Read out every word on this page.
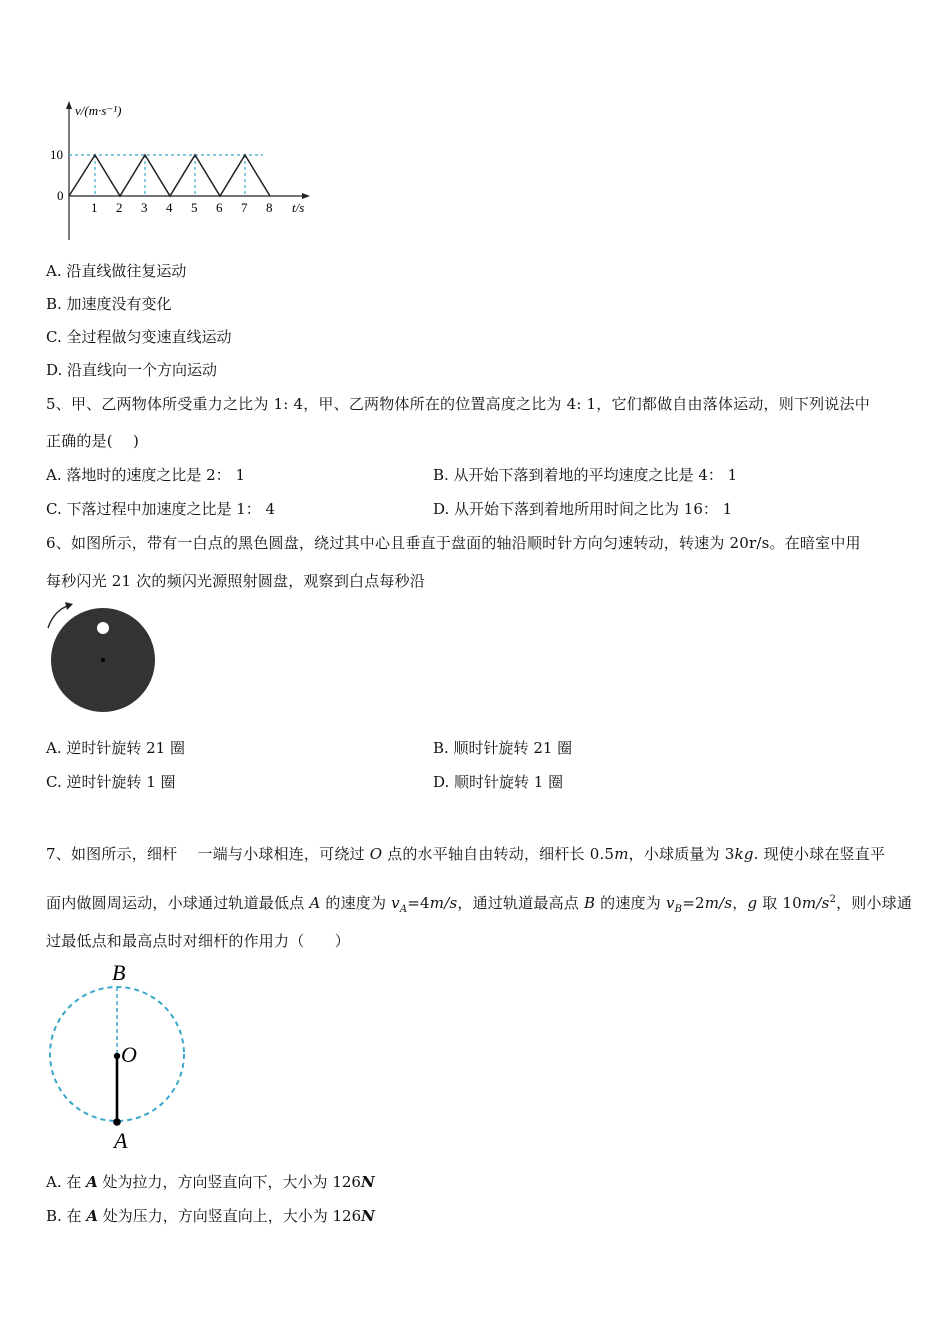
v/(m·s⁻¹)
10
0
1 2 3 4 5 6 7 8 t/s
A. 沿直线做往复运动
B. 加速度没有变化
C. 全过程做匀变速直线运动
D. 沿直线向一个方向运动
5、甲、乙两物体所受重力之比为 1: 4，甲、乙两物体所在的位置高度之比为 4: 1，它们都做自由落体运动，则下列说法中
正确的是(　 )
A. 落地时的速度之比是 2： 1	B. 从开始下落到着地的平均速度之比是 4： 1
C. 下落过程中加速度之比是 1： 4	D. 从开始下落到着地所用时间之比为 16： 1
6、如图所示，带有一白点的黑色圆盘，绕过其中心且垂直于盘面的轴沿顺时针方向匀速转动，转速为 20r/s。在暗室中用
每秒闪光 21 次的频闪光源照射圆盘，观察到白点每秒沿
A. 逆时针旋转 21 圈	B. 顺时针旋转 21 圈
C. 逆时针旋转 1 圈	D. 顺时针旋转 1 圈
7、如图所示，细杆　 一端与小球相连，可绕过 O 点的水平轴自由转动，细杆长 0.5m，小球质量为 3kg. 现使小球在竖直平
面内做圆周运动，小球通过轨道最低点 A 的速度为 $v_A=4m/s$，通过轨道最高点 B 的速度为 $v_B=2m/s$，g 取 $10m/s^2$，则小球通
过最低点和最高点时对细杆的作用力（　　）
B
O
A
A. 在 A 处为拉力，方向竖直向下，大小为 126N
B. 在 A 处为压力，方向竖直向上，大小为 126N
